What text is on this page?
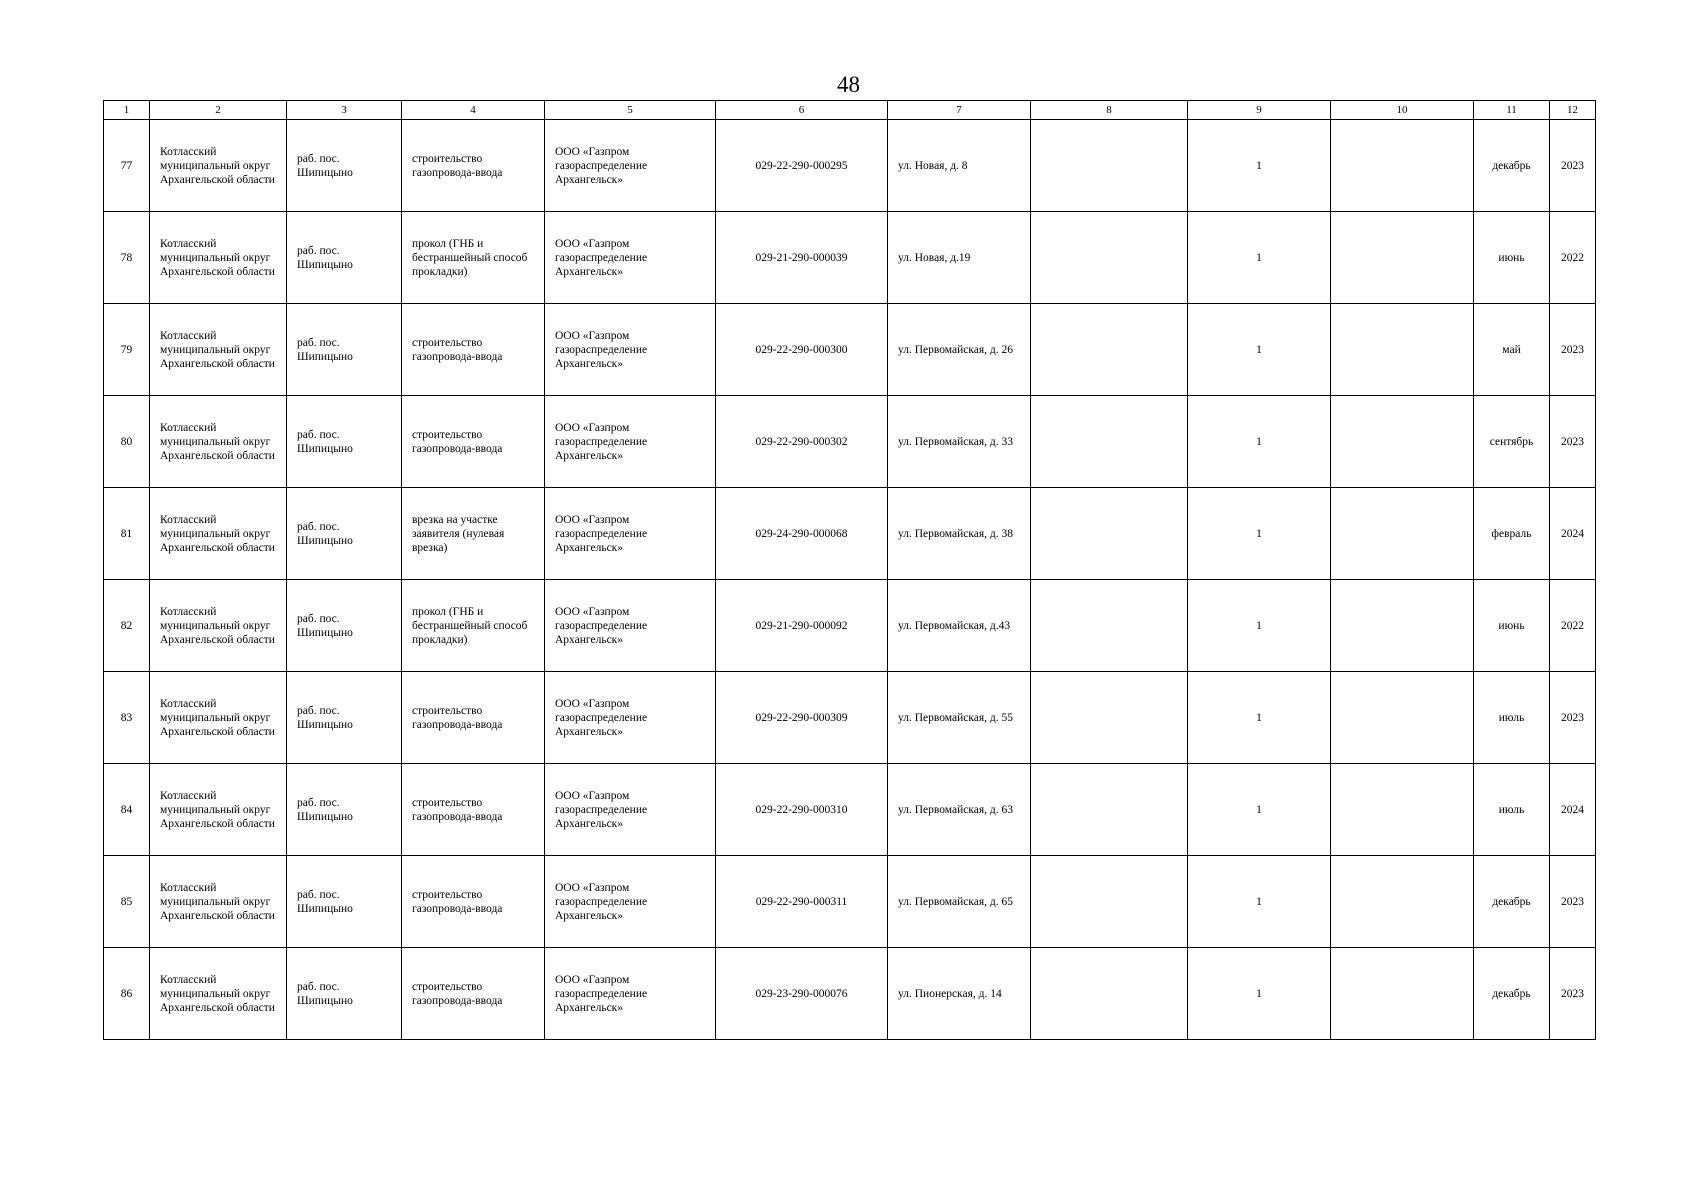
48
1	2	3	4	5	6	7	8	9	10	11	12
77	Котласский муниципальный округ Архангельской области	раб. пос. Шипицыно	строительство газопровода-ввода	ООО «Газпром газораспределение Архангельск»	029-22-290-000295	ул. Новая, д. 8		1		декабрь	2023
78	Котласский муниципальный округ Архангельской области	раб. пос. Шипицыно	прокол (ГНБ и бестраншейный способ прокладки)	ООО «Газпром газораспределение Архангельск»	029-21-290-000039	ул. Новая, д.19		1		июнь	2022
79	Котласский муниципальный округ Архангельской области	раб. пос. Шипицыно	строительство газопровода-ввода	ООО «Газпром газораспределение Архангельск»	029-22-290-000300	ул. Первомайская, д. 26		1		май	2023
80	Котласский муниципальный округ Архангельской области	раб. пос. Шипицыно	строительство газопровода-ввода	ООО «Газпром газораспределение Архангельск»	029-22-290-000302	ул. Первомайская, д. 33		1		сентябрь	2023
81	Котласский муниципальный округ Архангельской области	раб. пос. Шипицыно	врезка на участке заявителя (нулевая врезка)	ООО «Газпром газораспределение Архангельск»	029-24-290-000068	ул. Первомайская, д. 38		1		февраль	2024
82	Котласский муниципальный округ Архангельской области	раб. пос. Шипицыно	прокол (ГНБ и бестраншейный способ прокладки)	ООО «Газпром газораспределение Архангельск»	029-21-290-000092	ул. Первомайская, д.43		1		июнь	2022
83	Котласский муниципальный округ Архангельской области	раб. пос. Шипицыно	строительство газопровода-ввода	ООО «Газпром газораспределение Архангельск»	029-22-290-000309	ул. Первомайская, д. 55		1		июль	2023
84	Котласский муниципальный округ Архангельской области	раб. пос. Шипицыно	строительство газопровода-ввода	ООО «Газпром газораспределение Архангельск»	029-22-290-000310	ул. Первомайская, д. 63		1		июль	2024
85	Котласский муниципальный округ Архангельской области	раб. пос. Шипицыно	строительство газопровода-ввода	ООО «Газпром газораспределение Архангельск»	029-22-290-000311	ул. Первомайская, д. 65		1		декабрь	2023
86	Котласский муниципальный округ Архангельской области	раб. пос. Шипицыно	строительство газопровода-ввода	ООО «Газпром газораспределение Архангельск»	029-23-290-000076	ул. Пионерская, д. 14		1		декабрь	2023
